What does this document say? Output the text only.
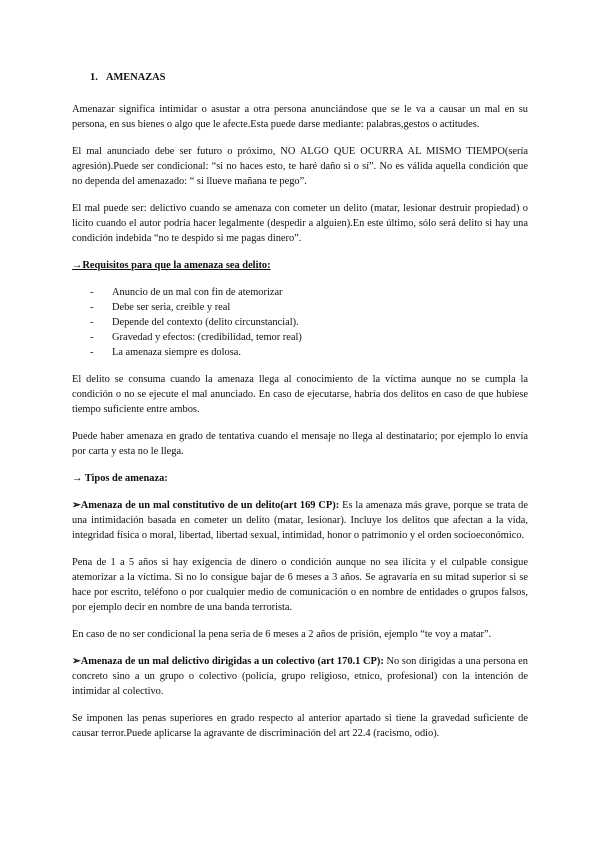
1. AMENAZAS

Amenazar significa intimidar o asustar a otra persona anunciándose que se le va a causar un mal en su persona, en sus bienes o algo que le afecte.Esta puede darse mediante: palabras,gestos o actitudes.

El mal anunciado debe ser futuro o próximo, NO ALGO QUE OCURRA AL MISMO TIEMPO(sería agresión).Puede ser condicional: “si no haces esto, te haré daño si o sí”. No es válida aquella condición que no dependa del amenazado: “ si llueve mañana te pego”.

El mal puede ser: delictivo cuando se amenaza con cometer un delito (matar, lesionar destruir propiedad) o licito cuando el autor podría hacer legalmente (despedir a alguien).En este último, sólo será delito si hay una condición indebida “no te despido si me pagas dinero”.

→Requisitos para que la amenaza sea delito:
- Anuncio de un mal con fin de atemorizar
- Debe ser seria, creíble y real
- Depende del contexto (delito circunstancial).
- Gravedad y efectos: (credibilidad, temor real)
- La amenaza siempre es dolosa.

El delito se consuma cuando la amenaza llega al conocimiento de la víctima aunque no se cumpla la condición o no se ejecute el mal anunciado. En caso de ejecutarse, habría dos delitos en caso de que hubiese tiempo suficiente entre ambos.

Puede haber amenaza en grado de tentativa cuando el mensaje no llega al destinatario; por ejemplo lo envía por carta y esta no le llega.

→ Tipos de amenaza:

➢Amenaza de un mal constitutivo de un delito(art 169 CP): Es la amenaza más grave, porque se trata de una intimidación basada en cometer un delito (matar, lesionar). Incluye los delitos que afectan a la vida, integridad física o moral, libertad, libertad sexual, intimidad, honor o patrimonio y el orden socioeconómico.

Pena de 1 a 5 años si hay exigencia de dinero o condición aunque no sea ilícita y el culpable consigue atemorizar a la víctima. Si no lo consigue bajar de 6 meses a 3 años. Se agravaría en su mitad superior si se hace por escrito, teléfono o por cualquier medio de comunicación o en nombre de entidades o grupos falsos, por ejemplo decir en nombre de una banda terrorista.

En caso de no ser condicional la pena sería de 6 meses a 2 años de prisión, ejemplo “te voy a matar”.

➢Amenaza de un mal delictivo dirigidas a un colectivo (art 170.1 CP): No son dirigidas a una persona en concreto sino a un grupo o colectivo (policía, grupo religioso, etnico, profesional) con la intención de intimidar al colectivo.

Se imponen las penas superiores en grado respecto al anterior apartado si tiene la gravedad suficiente de causar terror.Puede aplicarse la agravante de discriminación del art 22.4 (racismo, odio).
